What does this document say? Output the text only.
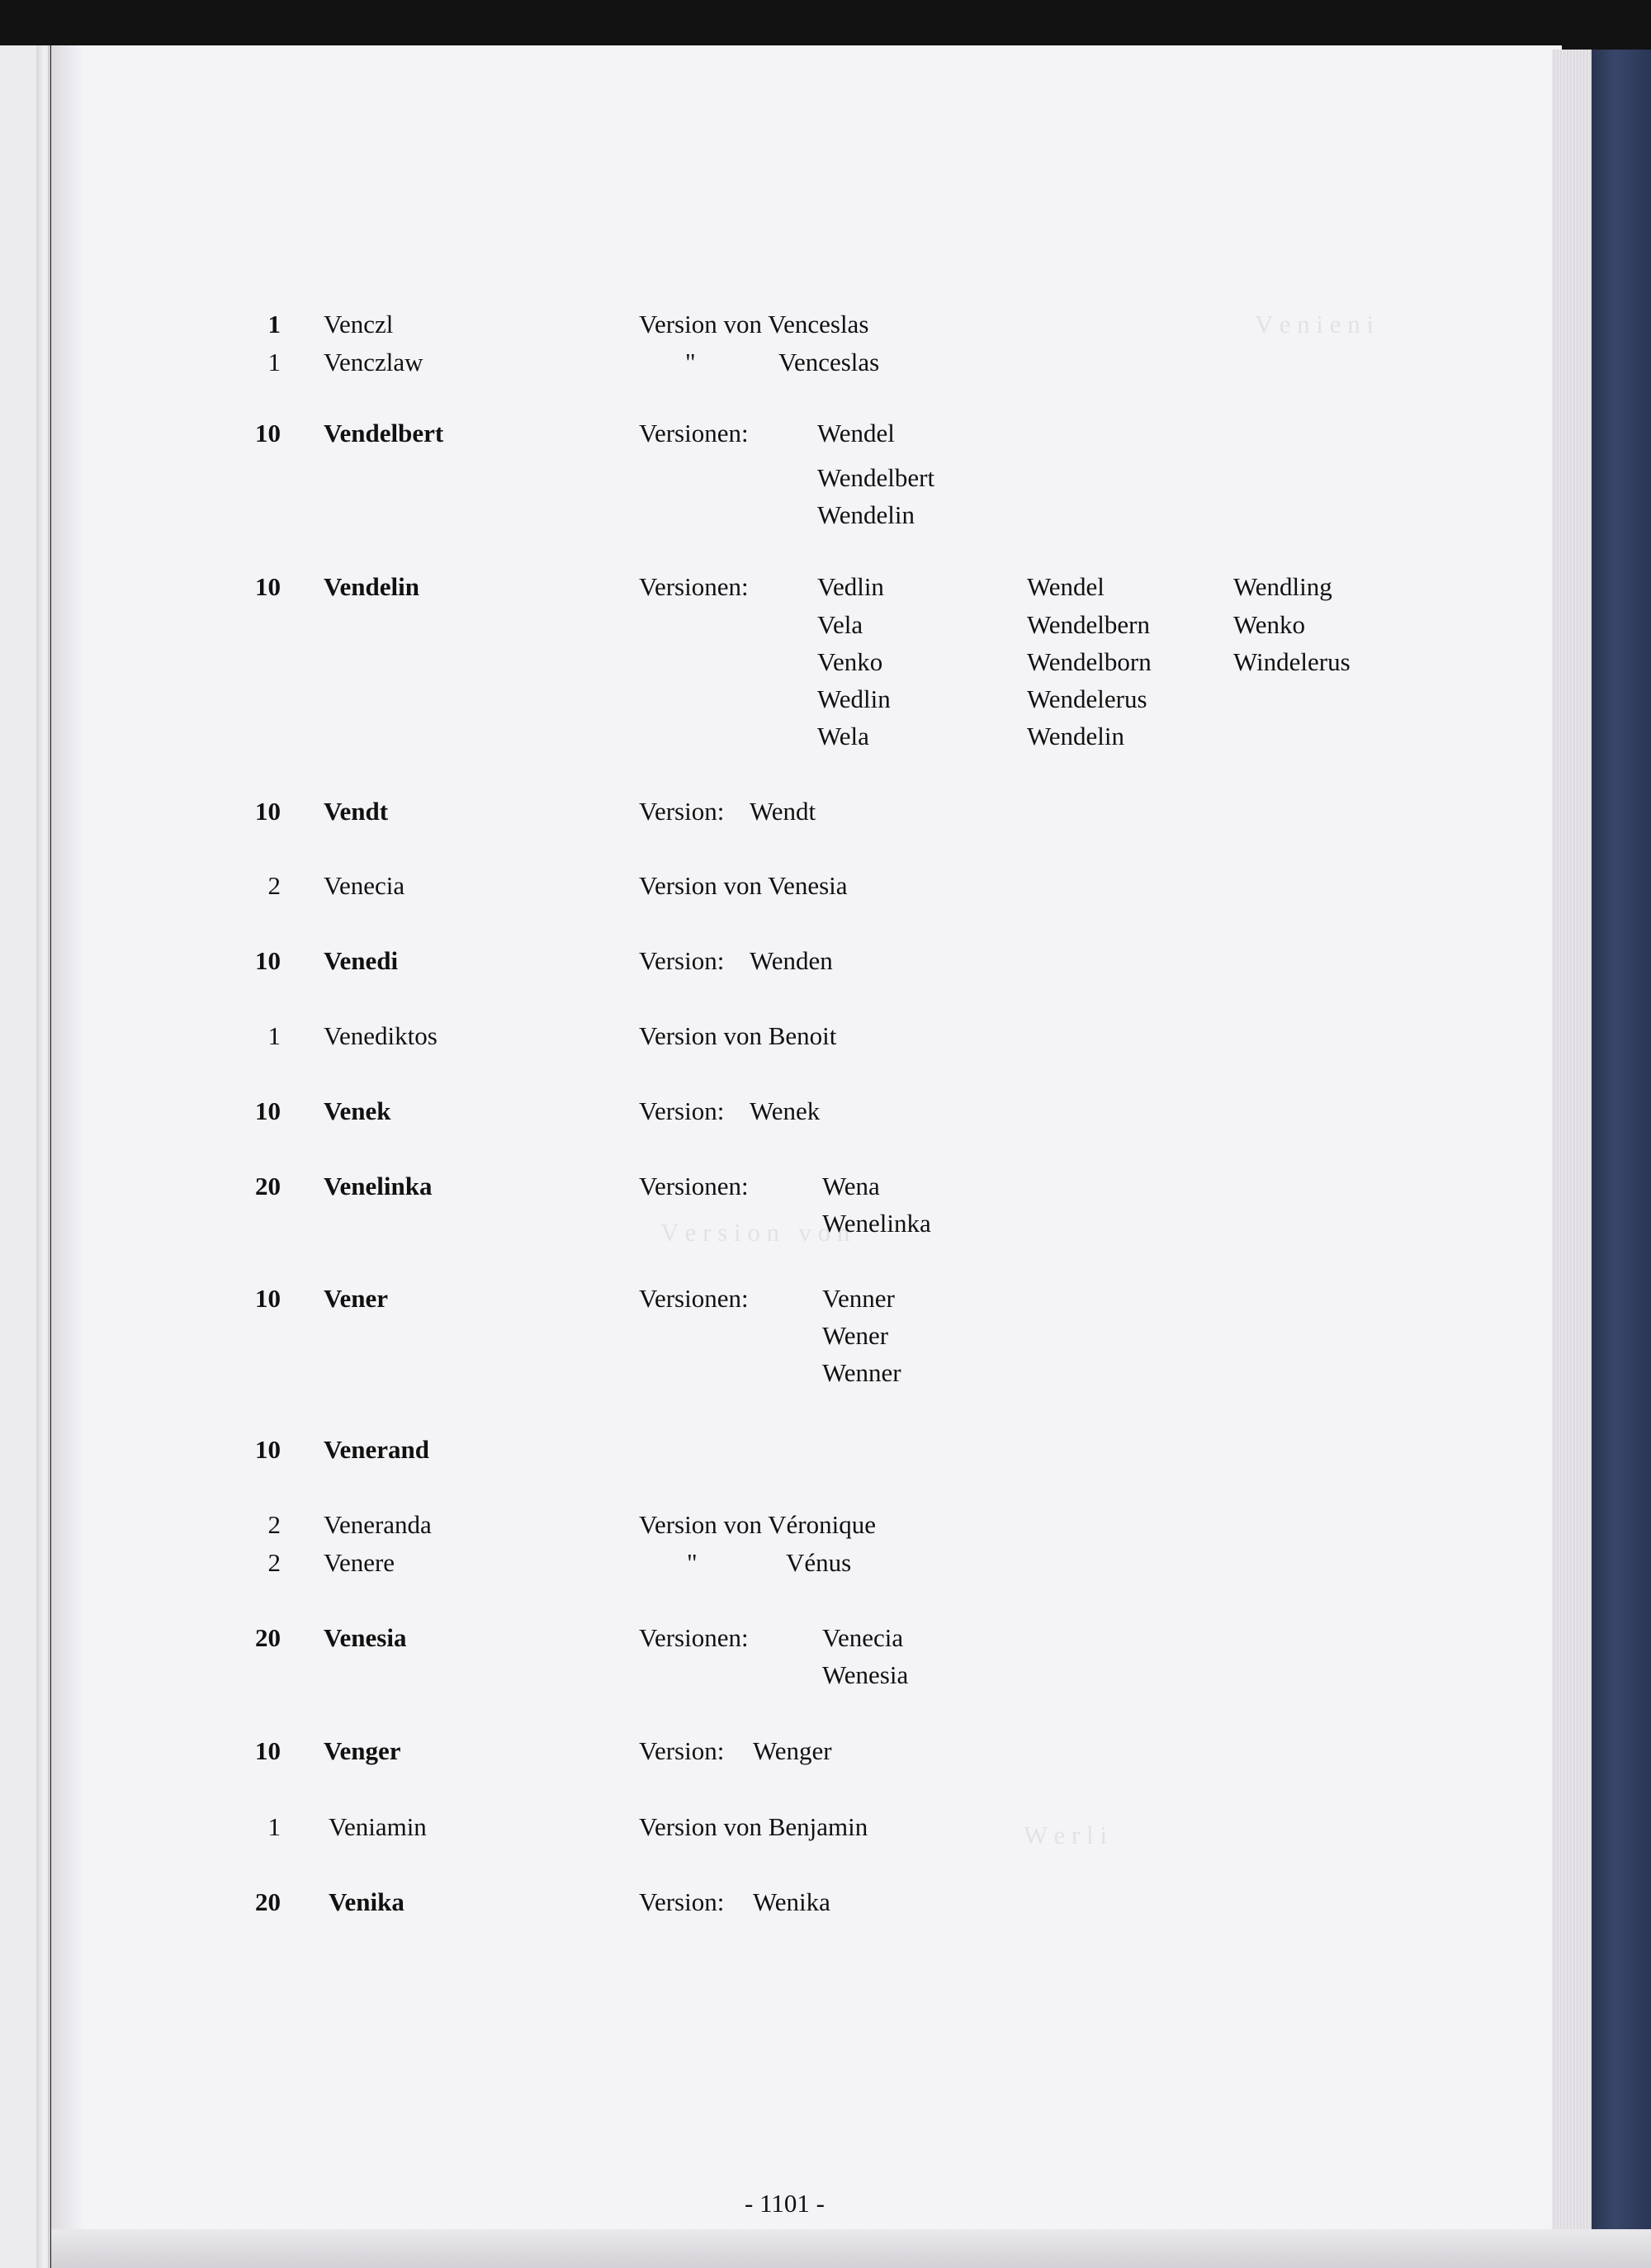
V e n i e n i
V e r s i o n   v o n
W e r l i
1 Venczl	Version von Venceslas
1 Venczlaw	"	Venceslas
10 Vendelbert	Versionen:	Wendel
Wendelbert
Wendelin
10 Vendelin	Versionen:	Vedlin	Wendel	Wendling
Vela	Wendelbern	Wenko
Venko	Wendelborn	Windelerus
Wedlin	Wendelerus
Wela	Wendelin
10 Vendt	Version: Wendt
2 Venecia	Version von Venesia
10 Venedi	Version: Wenden
1 Venediktos	Version von Benoit
10 Venek	Version: Wenek
20 Venelinka	Versionen:	Wena
Wenelinka
10 Vener	Versionen:	Venner
Wener
Wenner
10 Venerand
2 Veneranda	Version von Véronique
2 Venere	"	Vénus
20 Venesia	Versionen:	Venecia
Wenesia
10 Venger	Version: Wenger
1 Veniamin	Version von Benjamin
20 Venika	Version: Wenika
- 1101 -
